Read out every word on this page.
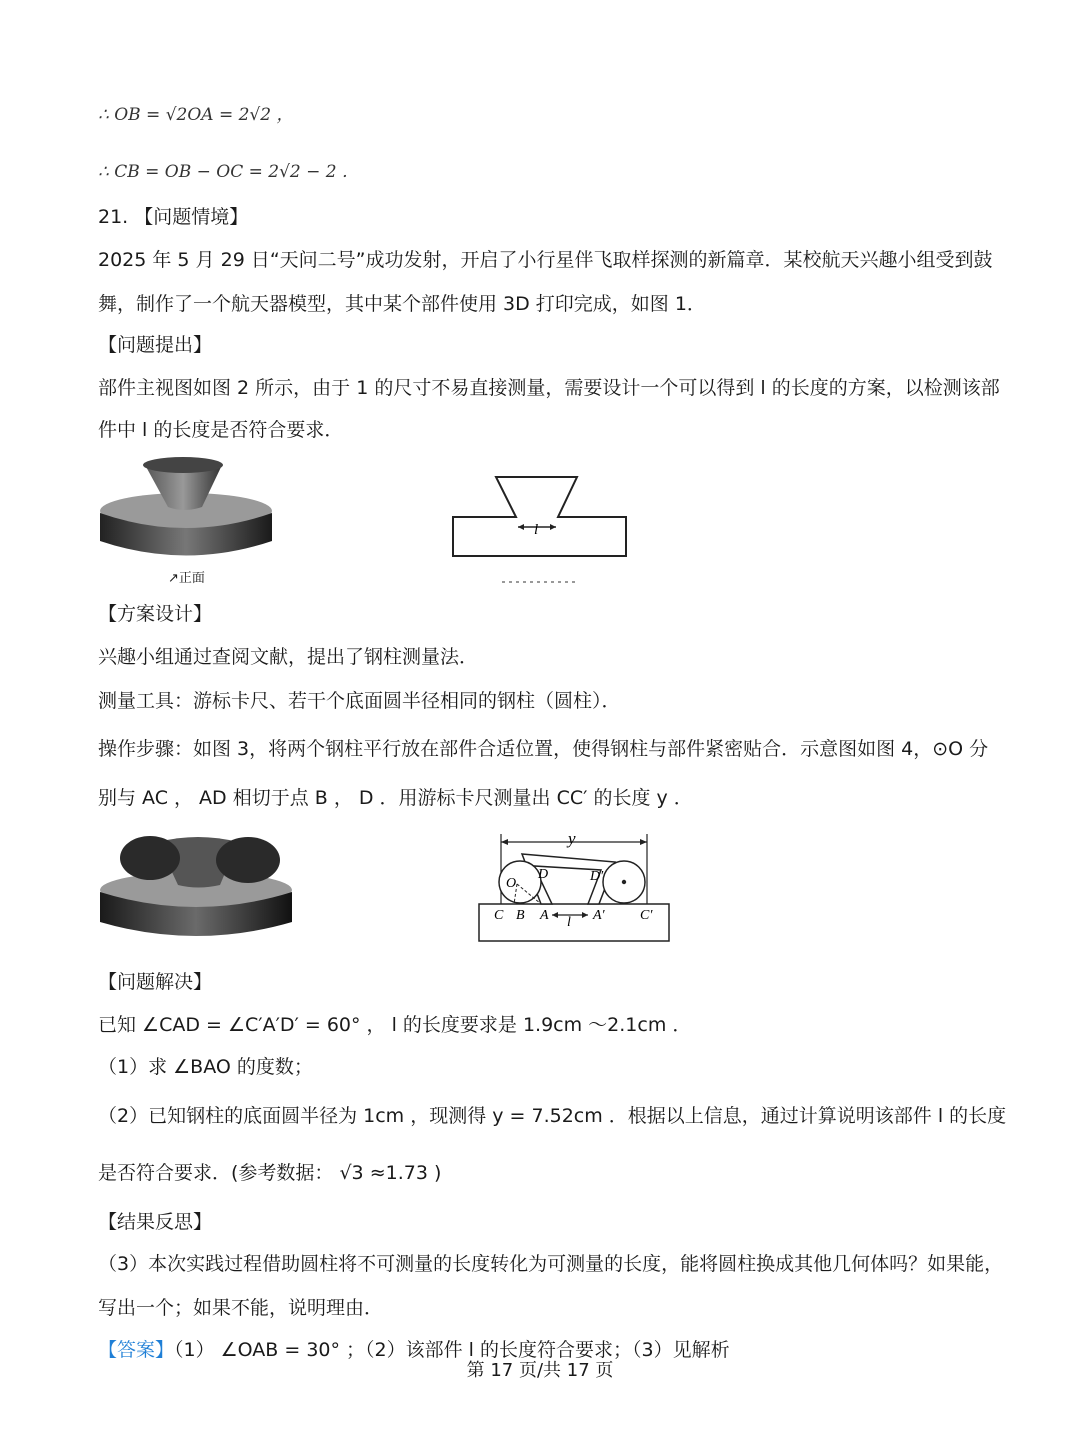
∴ OB = √2OA = 2√2 ，
∴ CB = OB − OC = 2√2 − 2 ．
21. 【问题情境】
2025 年 5 月 29 日“天问二号”成功发射，开启了小行星伴飞取样探测的新篇章．某校航天兴趣小组受到鼓
舞，制作了一个航天器模型，其中某个部件使用 3D 打印完成，如图 1．
【问题提出】
部件主视图如图 2 所示，由于 1 的尺寸不易直接测量，需要设计一个可以得到 l 的长度的方案，以检测该部
件中 l 的长度是否符合要求．
↗正面
l
【方案设计】
兴趣小组通过查阅文献，提出了钢柱测量法．
测量工具：游标卡尺、若干个底面圆半径相同的钢柱（圆柱）．
操作步骤：如图 3，将两个钢柱平行放在部件合适位置，使得钢柱与部件紧密贴合．示意图如图 4，⊙O 分
别与 AC ， AD 相切于点 B ， D ．用游标卡尺测量出 CC′ 的长度 y ．
y
O
D	D′
C B A l A′	C′
【问题解决】
已知 ∠CAD = ∠C′A′D′ = 60° ， l 的长度要求是 1.9cm ～2.1cm ．
（1）求 ∠BAO 的度数；
（2）已知钢柱的底面圆半径为 1cm ，现测得 y = 7.52cm ．根据以上信息，通过计算说明该部件 l 的长度
是否符合要求．(参考数据： √3 ≈1.73 )
【结果反思】
（3）本次实践过程借助圆柱将不可测量的长度转化为可测量的长度，能将圆柱换成其他几何体吗？如果能，
写出一个；如果不能，说明理由．
【答案】（1） ∠OAB = 30° ；（2）该部件 l 的长度符合要求；（3）见解析
第 17 页/共 17 页
